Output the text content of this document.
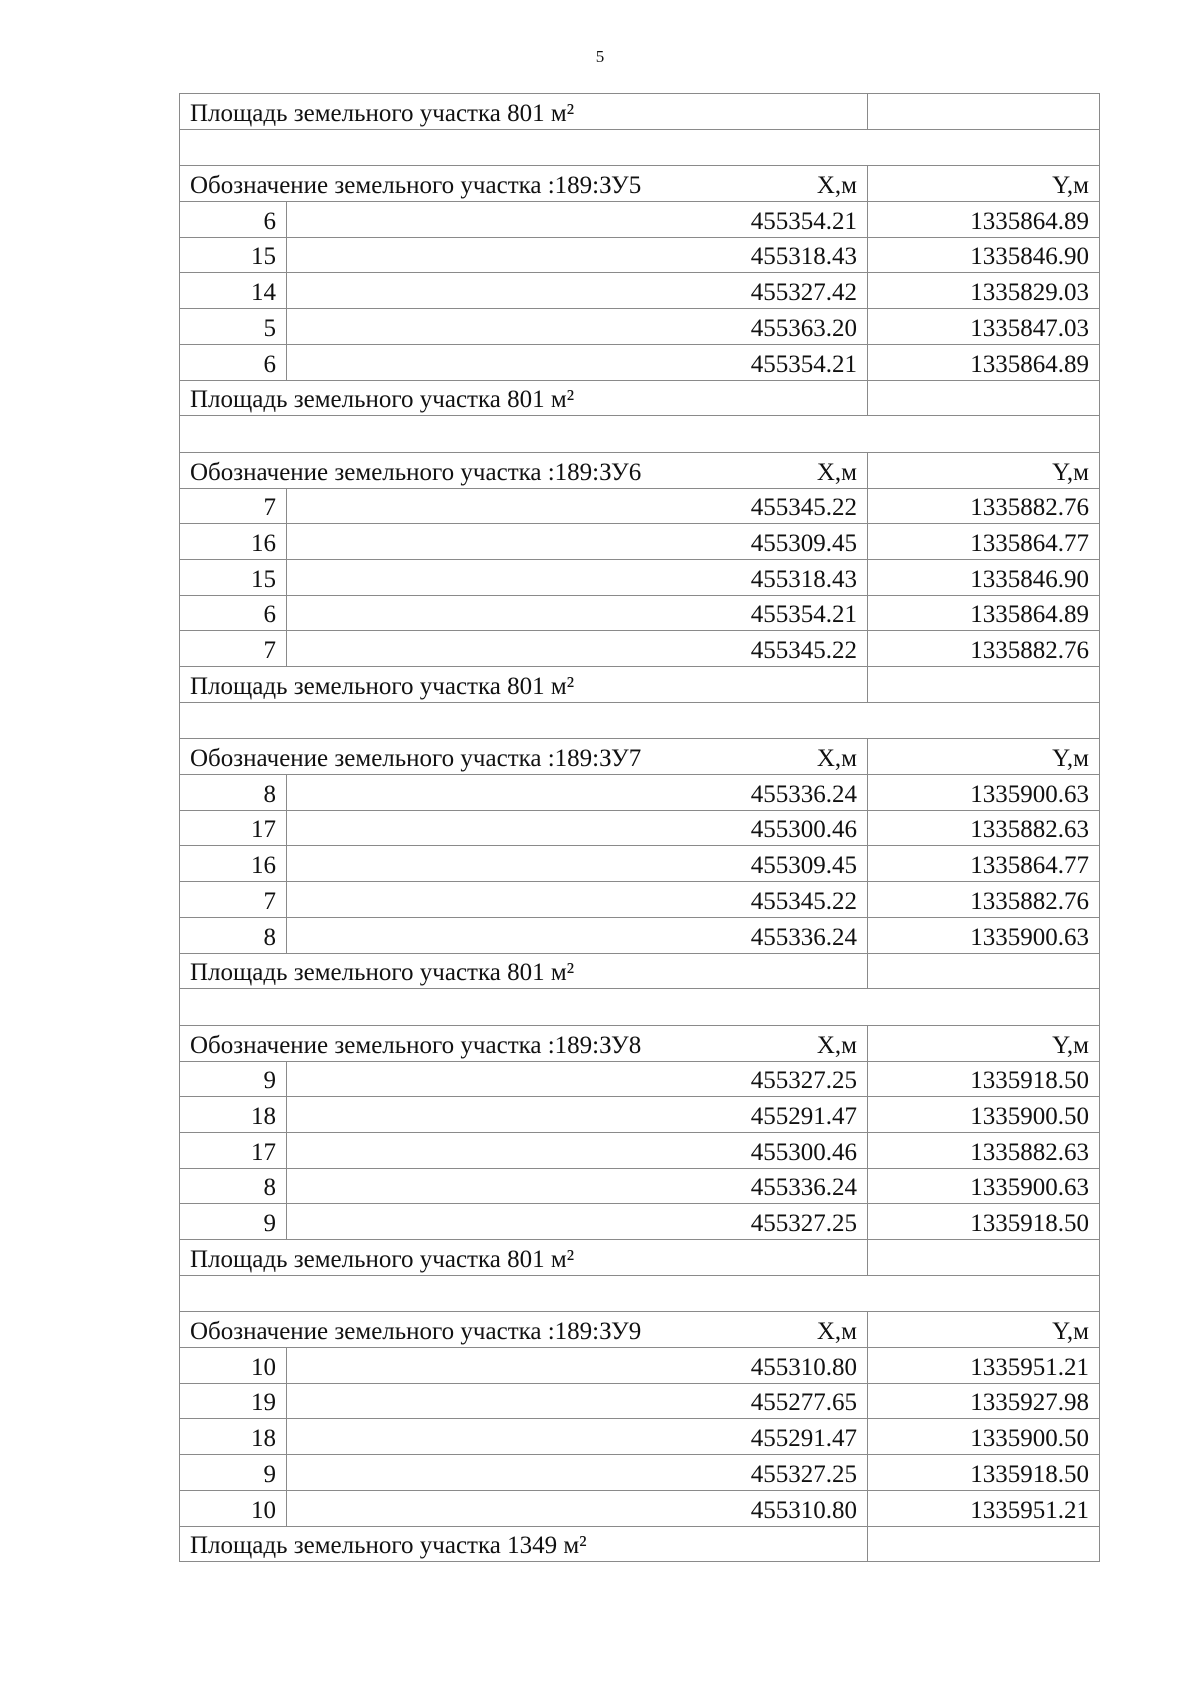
5
Площадь земельного участка 801 м²		

Обозначение земельного участка :189:ЗУ5 X,м		Y,м
6	455354.21	1335864.89
15	455318.43	1335846.90
14	455327.42	1335829.03
5	455363.20	1335847.03
6	455354.21	1335864.89
Площадь земельного участка 801 м²		

Обозначение земельного участка :189:ЗУ6 X,м		Y,м
7	455345.22	1335882.76
16	455309.45	1335864.77
15	455318.43	1335846.90
6	455354.21	1335864.89
7	455345.22	1335882.76
Площадь земельного участка 801 м²		

Обозначение земельного участка :189:ЗУ7 X,м		Y,м
8	455336.24	1335900.63
17	455300.46	1335882.63
16	455309.45	1335864.77
7	455345.22	1335882.76
8	455336.24	1335900.63
Площадь земельного участка 801 м²		

Обозначение земельного участка :189:ЗУ8 X,м		Y,м
9	455327.25	1335918.50
18	455291.47	1335900.50
17	455300.46	1335882.63
8	455336.24	1335900.63
9	455327.25	1335918.50
Площадь земельного участка 801 м²		

Обозначение земельного участка :189:ЗУ9 X,м		Y,м
10	455310.80	1335951.21
19	455277.65	1335927.98
18	455291.47	1335900.50
9	455327.25	1335918.50
10	455310.80	1335951.21
Площадь земельного участка 1349 м²		
